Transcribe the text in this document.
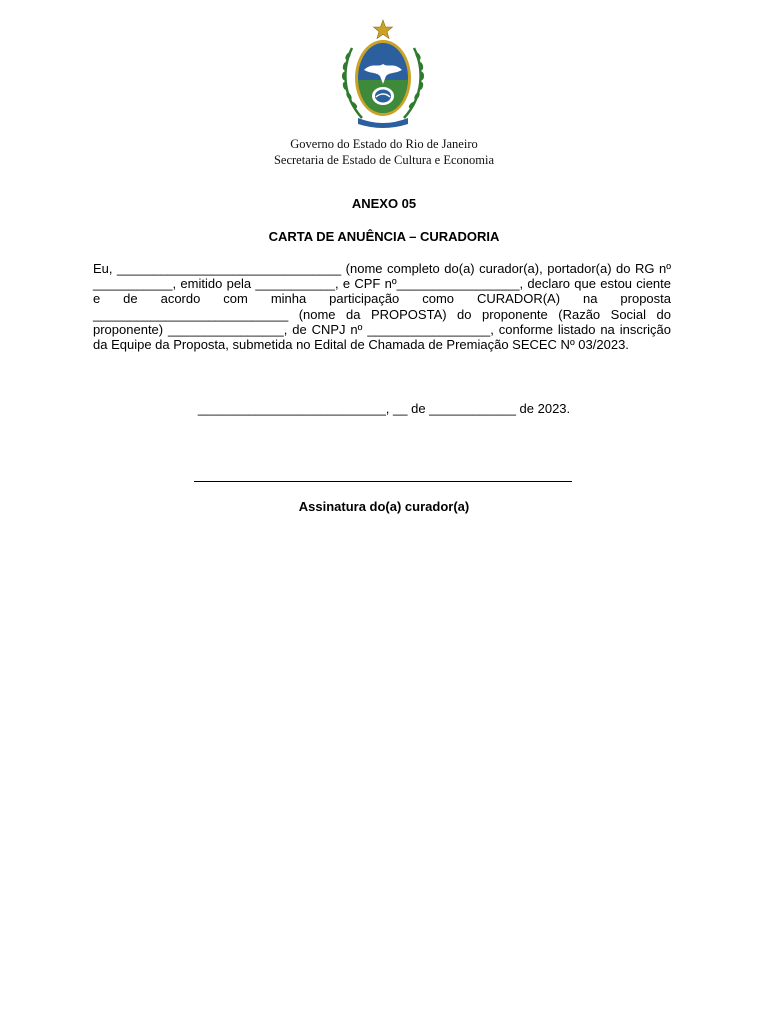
Governo do Estado do Rio de Janeiro
Secretaria de Estado de Cultura e Economia
ANEXO 05
CARTA DE ANUÊNCIA – CURADORIA

Eu, _______________________________ (nome completo do(a) curador(a), portador(a) do RG nº ___________, emitido pela ___________, e CPF nº_________________, declaro que estou ciente e de acordo com minha participação como CURADOR(A) na proposta ___________________________ (nome da PROPOSTA) do proponente (Razão Social do proponente) ________________, de CNPJ nº _________________, conforme listado na inscrição da Equipe da Proposta, submetida no Edital de Chamada de Premiação SECEC Nº 03/2023.

__________________________, __ de ____________ de 2023.
Assinatura do(a) curador(a)
